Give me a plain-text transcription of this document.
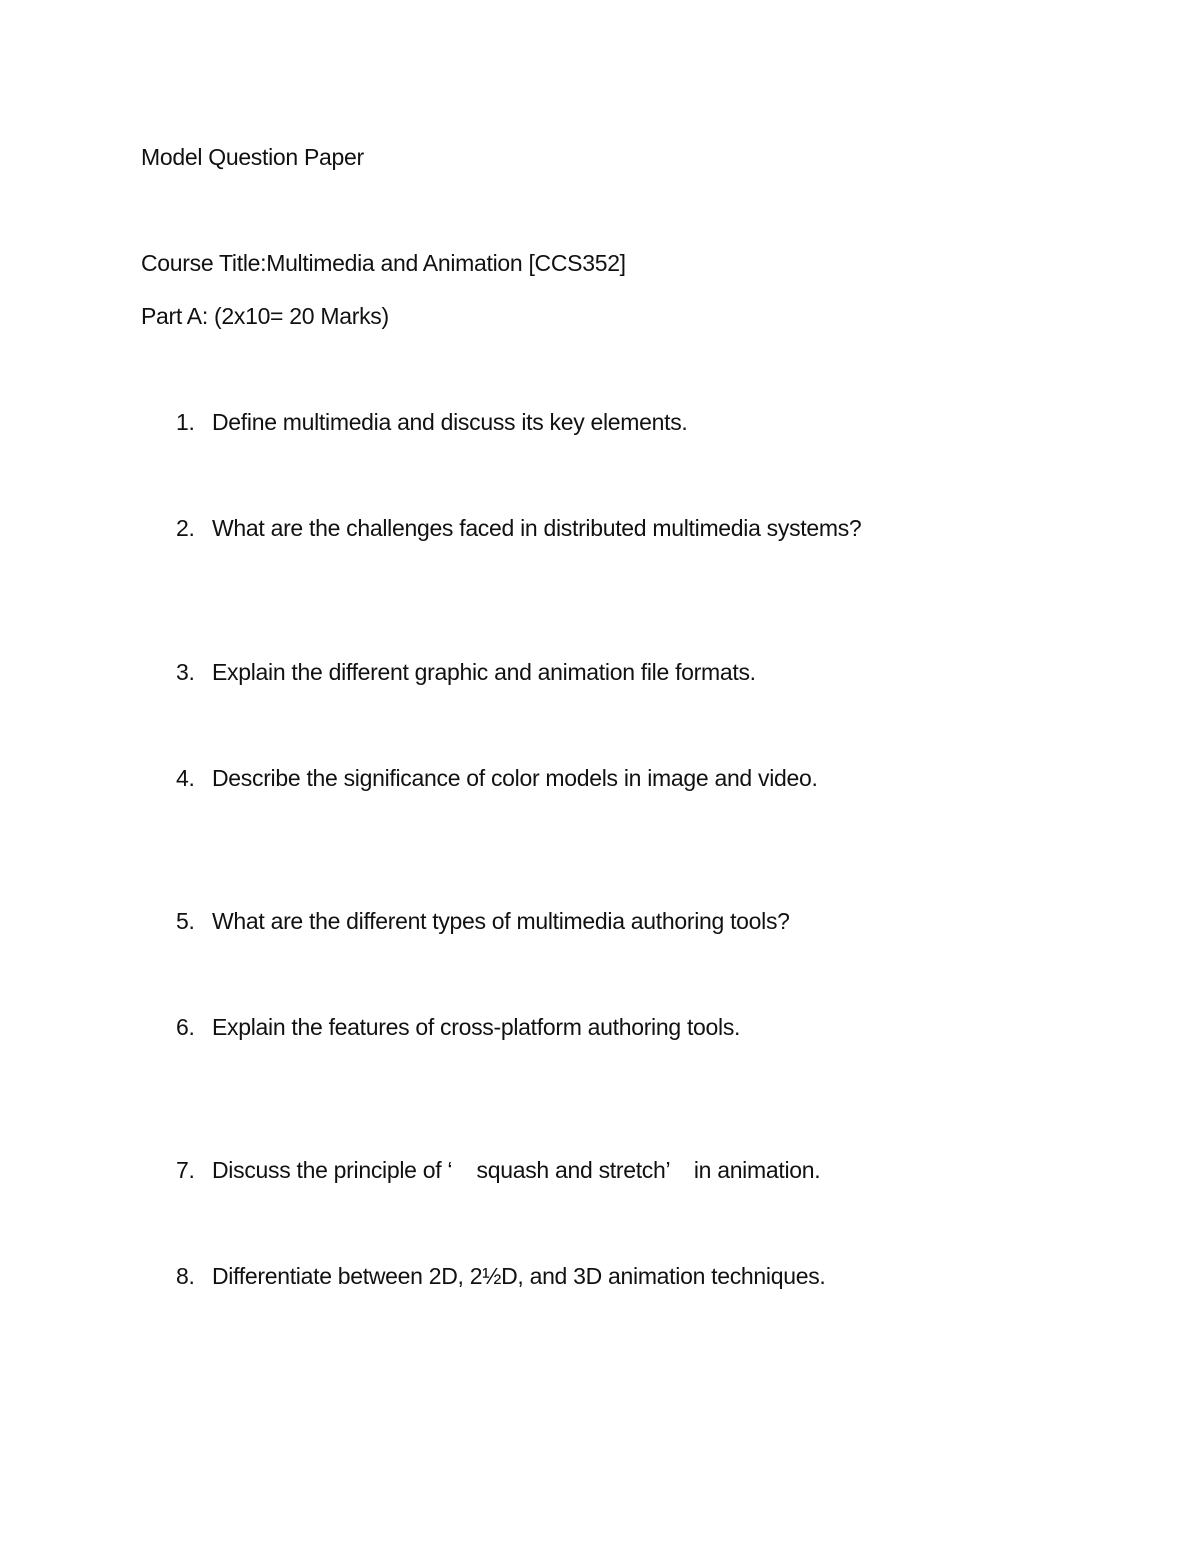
Model Question Paper
Course Title:Multimedia and Animation [CCS352]
Part A: (2x10= 20 Marks)
1. Define multimedia and discuss its key elements.
2. What are the challenges faced in distributed multimedia systems?
3. Explain the different graphic and animation file formats.
4. Describe the significance of color models in image and video.
5. What are the different types of multimedia authoring tools?
6. Explain the features of cross-platform authoring tools.
7. Discuss the principle of ‘    squash and stretch’    in animation.
8. Differentiate between 2D, 2½D, and 3D animation techniques.
